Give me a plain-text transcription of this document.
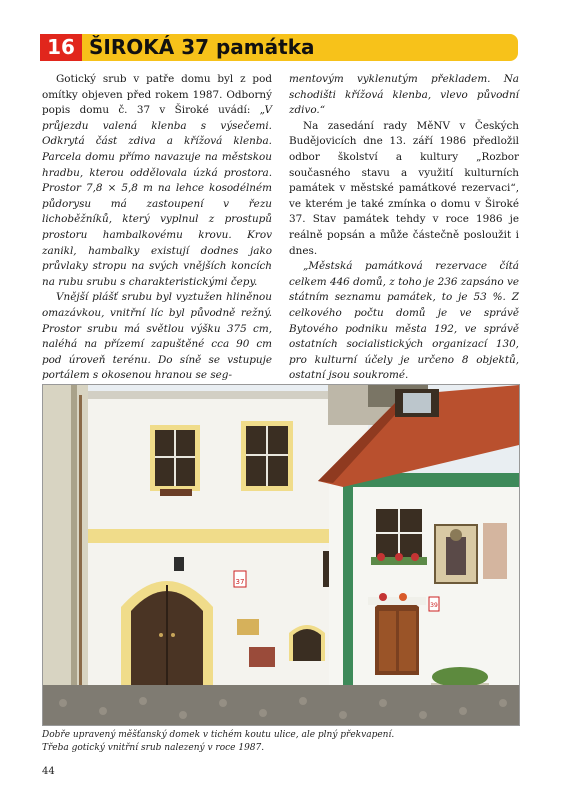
16 ŠIROKÁ 37 památka

Gotický srub v patře domu byl z pod omítky objeven před rokem 1987. Odborný popis domu č. 37 v Široké uvádí: „V průjezdu valená klenba s výsečemi. Odkrytá část zdiva a křížová klenba. Parcela domu přímo navazuje na městskou hradbu, kterou oddělovala úzká prostora. Prostor 7,8 × 5,8 m na lehce kosodélném půdorysu má zastoupení v řezu lichoběžníků, který vyplnul z prostupů prostoru hambalkovému krovu. Krov zanikl, hambalky existují dodnes jako průvlaky stropu na svých vnějších koncích na rubu srubu s charakteristickými čepy.

Vnější plášť srubu byl vyztužen hliněnou omazávkou, vnitřní líc byl původně režný. Prostor srubu má světlou výšku 375 cm, naléhá na přízemí zapuštěné cca 90 cm pod úroveň terénu. Do síně se vstupuje portálem s okosenou hranou se seg-

mentovým vyklenutým překladem. Na schodišti křížová klenba, vlevo původní zdivo.“

Na zasedání rady MěNV v Českých Budějovicích dne 13. září 1986 předložil odbor školství a kultury „Rozbor současného stavu a využití kulturních památek v městské památkové rezervaci“, ve kterém je také zmínka o domu v Široké 37. Stav památek tehdy v roce 1986 je reálně popsán a může částečně posloužit i dnes.

„Městská památková rezervace čítá celkem 446 domů, z toho je 236 zapsáno ve státním seznamu památek, to je 53 %. Z celkového počtu domů je ve správě Bytového podniku města 192, ve správě ostatních socialistických organizací 130, pro kulturní účely je určeno 8 objektů, ostatní jsou soukromé.

37
39
Dobře upravený měšťanský domek v tichém koutu ulice, ale plný překvapení.
Třeba gotický vnitřní srub nalezený v roce 1987.
44
